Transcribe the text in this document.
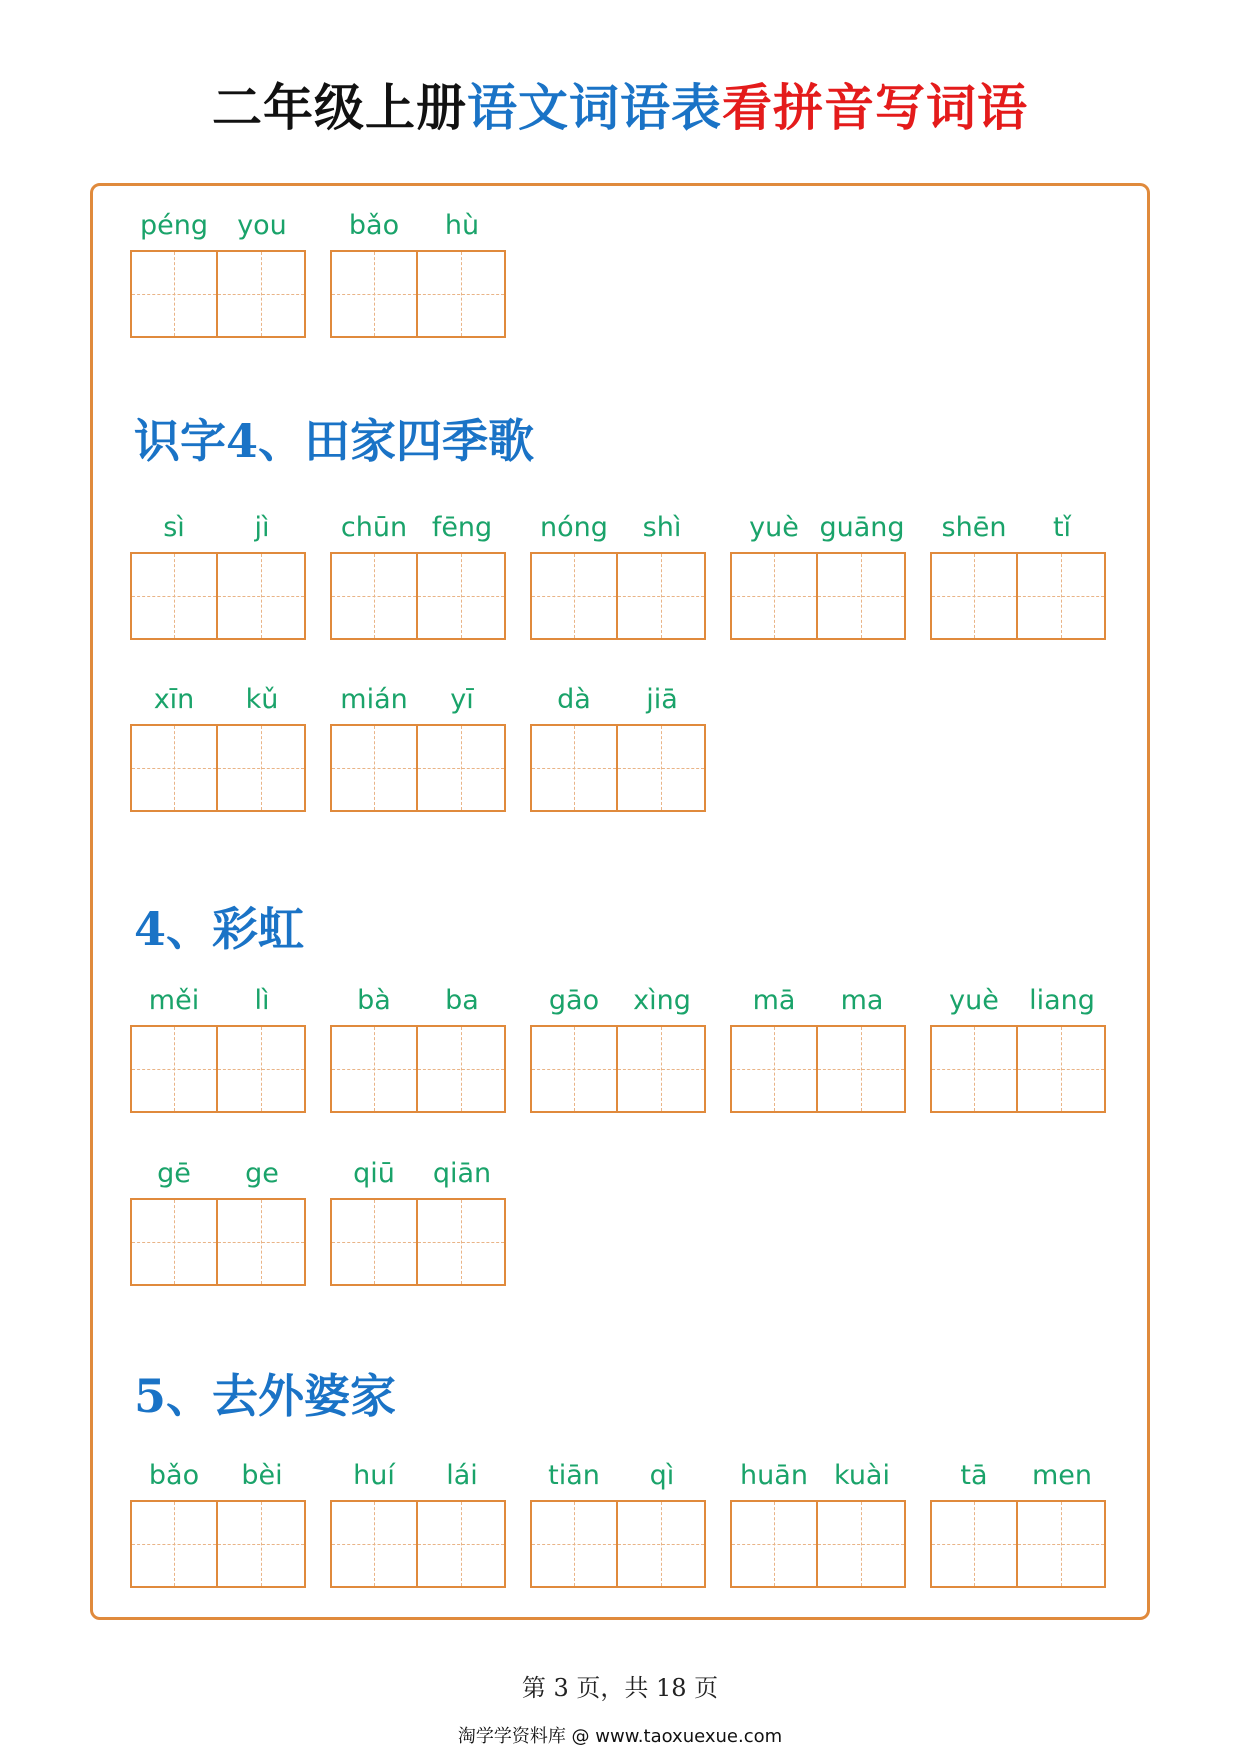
二年级上册语文词语表看拼音写词语
péng	you	bǎo	hù
识字4、田家四季歌
sì	jì	chūn fēng	nóng	shì	yuè guāng	shēn	tǐ
xīn	kǔ	mián	yī	dà	jiā
4、彩虹
měi	lì	bà	ba	gāo	xìng	mā	ma	yuè	liang
gē	ge	qiū	qiān
5、去外婆家
bǎo	bèi	huí	lái	tiān	qì	huān kuài	tā	men
第 3 页，共 18 页
淘学学资料库 @ www.taoxuexue.com
